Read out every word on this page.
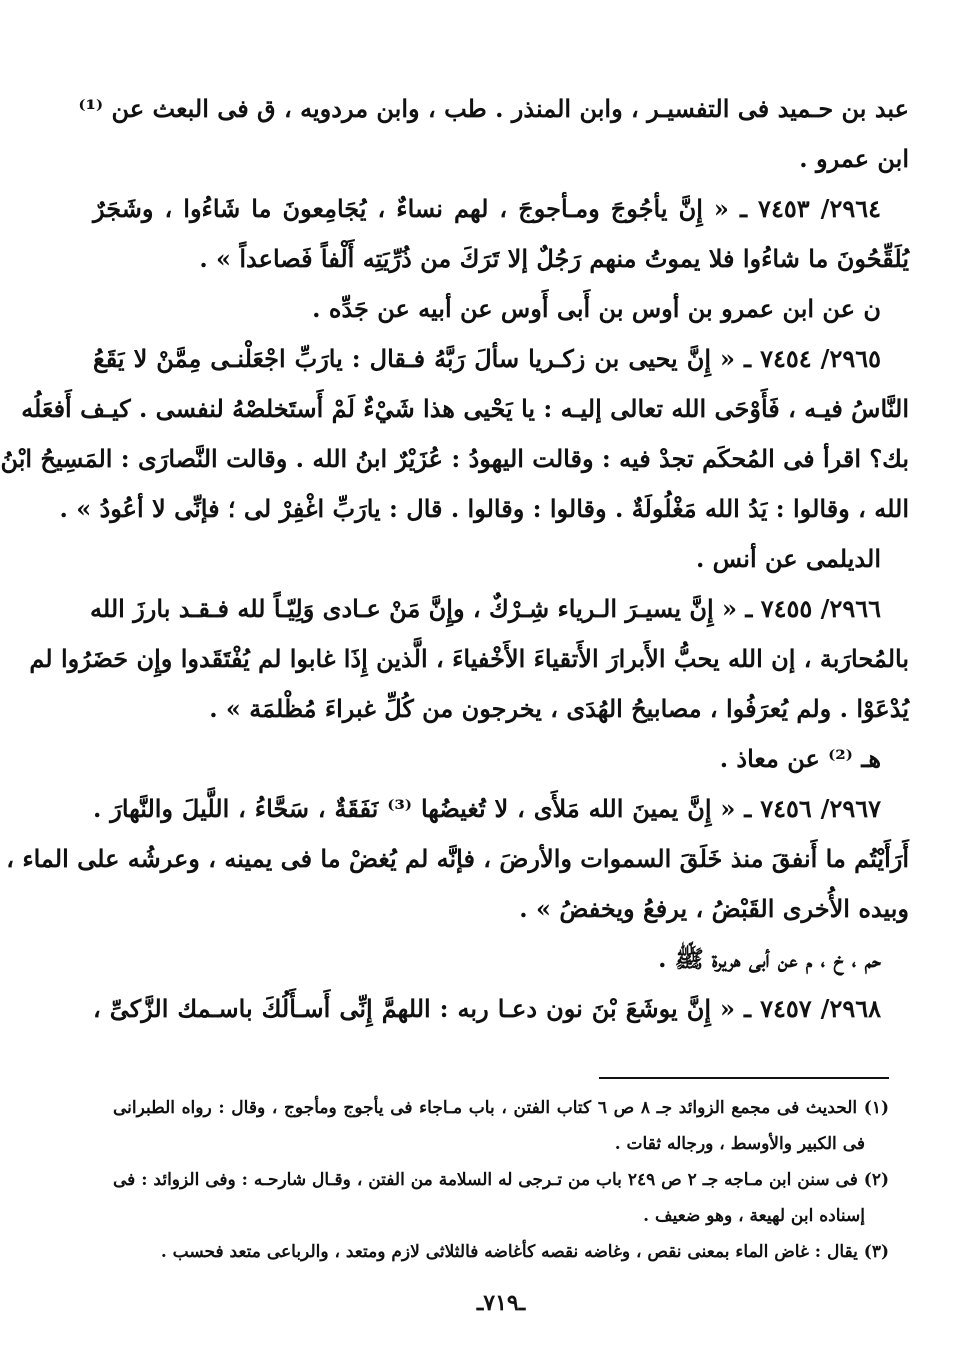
عبد بن حـميد فى التفسيـر ، وابن المنذر . طب ، وابن مردويه ، ق فى البعث عن ⁽¹⁾
ابن عمرو .
٢٩٦٤/ ٧٤٥٣ ـ « إِنَّ يأجُوجَ ومـأجوجَ ، لهم نساءٌ ، يُجَامِعونَ ما شَاءُوا ، وشَجَرٌ
يُلَقِّحُونَ ما شاءُوا فلا يموتُ منهم رَجُلٌ إلا تَرَكَ من ذُرِّيَتِه أَلْفاً فَصاعداً » .
ن عن ابن عمرو بن أوس بن أَبى أَوس عن أبيه عن جَدِّه .
٢٩٦٥/ ٧٤٥٤ ـ « إِنَّ يحيى بن زكـريا سألَ رَبَّهُ فـقال : يارَبِّ اجْعَلْنـى مِمَّنْ لا يَقَعُ
النَّاسُ فيـه ، فَأَوْحَى الله تعالى إليـه : يا يَحْيى هذا شَيْءٌ لَمْ أَستَخلصْهُ لنفسى . كيـف أَفعَلُه
بك؟ اقرأ فى المُحكَم تجدْ فيه : وقالت اليهودُ : عُزَيْرٌ ابنُ الله . وقالت النَّصارَى : المَسِيحُ ابْنُ
الله ، وقالوا : يَدُ الله مَغْلُولَةٌ . وقالوا : وقالوا . قال : يارَبِّ اغْفِرْ لى ؛ فإنِّى لا أعُودُ » .
الديلمى عن أنس .
٢٩٦٦/ ٧٤٥٥ ـ « إِنَّ يسيـرَ الـرياء شِـرْكٌ ، وإِنَّ مَنْ عـادى وَلِيّـاً لله فـقـد بارزَ الله
بالمُحارَبة ، إن الله يحبُّ الأَبرارَ الأَتقياءَ الأَخْفياءَ ، الَّذين إِذَا غابوا لم يُفْتَقَدوا وإِن حَضَرُوا لم
يُدْعَوْا . ولم يُعرَفُوا ، مصابيحُ الهُدَى ، يخرجون من كُلِّ غبراءَ مُظْلمَة » .
هـ ⁽²⁾ عن معاذ .
٢٩٦٧/ ٧٤٥٦ ـ « إِنَّ يمينَ الله مَلأَى ، لا تُغيضُها ⁽³⁾ نَفَقَةٌ ، سَحَّاءُ ، اللَّيلَ والنَّهارَ .
أَرَأَيْتُم ما أَنفقَ منذ خَلَقَ السموات والأرضَ ، فإنَّه لم يُغضْ ما فى يمينه ، وعرشُه على الماء ،
وبيده الأُخرى القَبْضُ ، يرفعُ ويخفضُ » .
حم ، خ ، م عن أبى هريرة ﷺ .
٢٩٦٨/ ٧٤٥٧ ـ « إِنَّ يوشَعَ بْنَ نون دعـا ربه : اللهمَّ إِنِّى أَسـأَلُكَ باسـمك الزَّكىِّ ،
(١) الحديث فى مجمع الزوائد جـ ٨ ص ٦ كتاب الفتن ، باب مـاجاء فى يأجوج ومأجوج ، وقال : رواه الطبرانى
فى الكبير والأوسط ، ورجاله ثقات .
(٢) فى سنن ابن مـاجه جـ ٢ ص ٢٤٩ باب من تـرجى له السلامة من الفتن ، وقـال شارحـه : وفى الزوائد : فى
إسناده ابن لهيعة ، وهو ضعيف .
(٣) يقال : غاض الماء بمعنى نقص ، وغاضه نقصه كأغاضه فالثلاثى لازم ومتعد ، والرباعى متعد فحسب .
ـ٧١٩ـ
